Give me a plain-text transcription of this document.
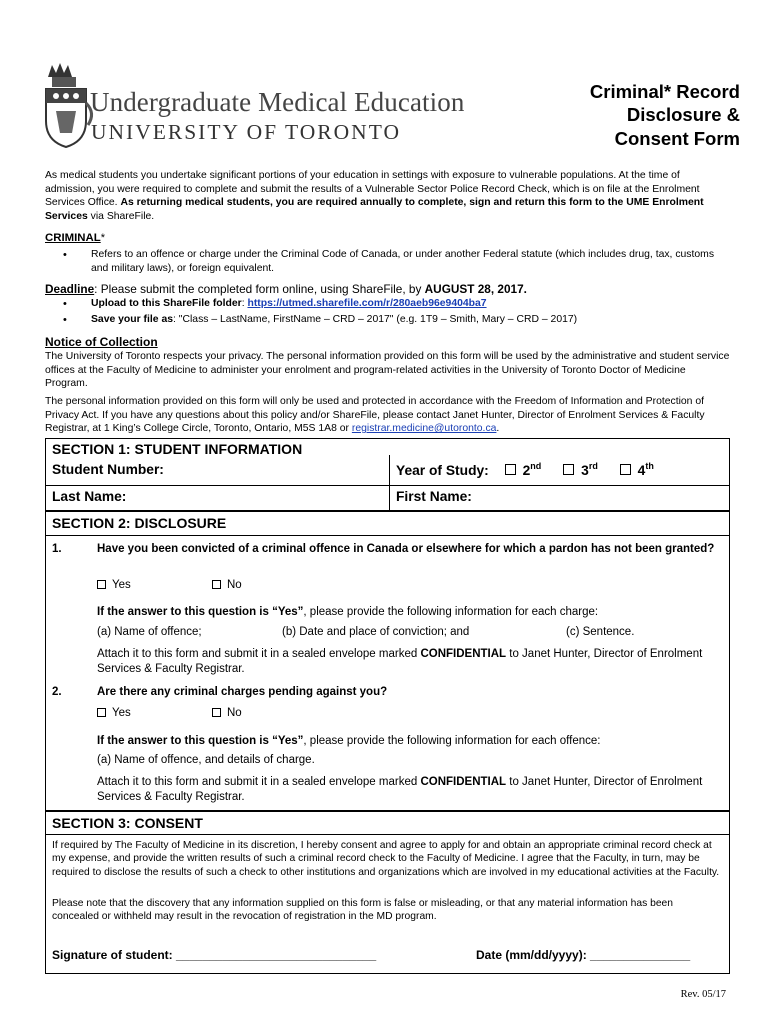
Undergraduate Medical Education
UNIVERSITY OF TORONTO
Criminal* Record
Disclosure &
Consent Form
As medical students you undertake significant portions of your education in settings with exposure to vulnerable populations. At the time of admission, you were required to complete and submit the results of a Vulnerable Sector Police Record Check, which is on file at the Enrolment Services Office. As returning medical students, you are required annually to complete, sign and return this form to the UME Enrolment Services via ShareFile.
CRIMINAL*
• Refers to an offence or charge under the Criminal Code of Canada, or under another Federal statute (which includes drug, tax, customs and military laws), or foreign equivalent.
Deadline: Please submit the completed form online, using ShareFile, by AUGUST 28, 2017.
• Upload to this ShareFile folder: https://utmed.sharefile.com/r/280aeb96e9404ba7
• Save your file as: "Class – LastName, FirstName – CRD – 2017" (e.g. 1T9 – Smith, Mary – CRD – 2017)
Notice of Collection
The University of Toronto respects your privacy. The personal information provided on this form will be used by the administrative and student service offices at the Faculty of Medicine to administer your enrolment and program-related activities in the University of Toronto Doctor of Medicine Program.
The personal information provided on this form will only be used and protected in accordance with the Freedom of Information and Protection of Privacy Act. If you have any questions about this policy and/or ShareFile, please contact Janet Hunter, Director of Enrolment Services & Faculty Registrar, at 1 King’s College Circle, Toronto, Ontario, M5S 1A8 or registrar.medicine@utoronto.ca.
SECTION 1: STUDENT INFORMATION
Student Number:	Year of Study: 2nd	3rd	4th
Last Name:	First Name:
SECTION 2: DISCLOSURE
1.	Have you been convicted of a criminal offence in Canada or elsewhere for which a pardon has not been granted?
Yes	No
If the answer to this question is “Yes”, please provide the following information for each charge:
(a) Name of offence;	(b) Date and place of conviction; and	(c) Sentence.
Attach it to this form and submit it in a sealed envelope marked CONFIDENTIAL to Janet Hunter, Director of Enrolment Services & Faculty Registrar.
2.	Are there any criminal charges pending against you?
Yes	No
If the answer to this question is “Yes”, please provide the following information for each offence:
(a) Name of offence, and details of charge.
Attach it to this form and submit it in a sealed envelope marked CONFIDENTIAL to Janet Hunter, Director of Enrolment Services & Faculty Registrar.
SECTION 3: CONSENT
If required by The Faculty of Medicine in its discretion, I hereby consent and agree to apply for and obtain an appropriate criminal record check at my expense, and provide the written results of such a criminal record check to the Faculty of Medicine. I agree that the Faculty, in turn, may be required to disclose the results of such a check to other institutions and organizations which are involved in my educational activities at the Faculty.
Please note that the discovery that any information supplied on this form is false or misleading, or that any material information has been concealed or withheld may result in the revocation of registration in the MD program.
Signature of student: ______________________________	Date (mm/dd/yyyy): _______________
Rev. 05/17
